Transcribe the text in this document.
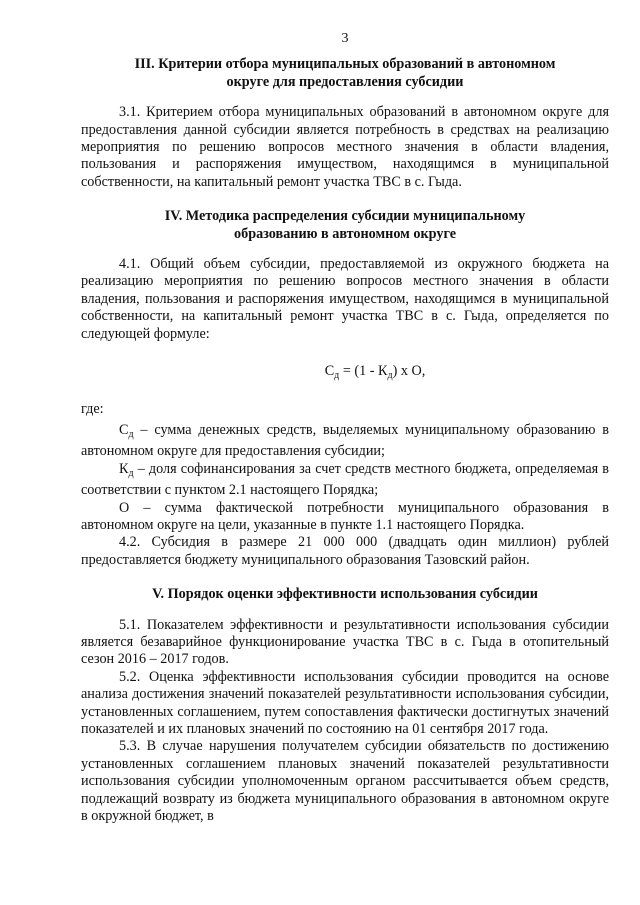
3
III. Критерии отбора муниципальных образований в автономном
округе для предоставления субсидии

3.1. Критерием отбора муниципальных образований в автономном округе для предоставления данной субсидии является потребность в средствах на реализацию мероприятия по решению вопросов местного значения в области владения, пользования и распоряжения имуществом, находящимся в муниципальной собственности, на капитальный ремонт участка ТВС в с. Гыда.

IV. Методика распределения субсидии муниципальному
образованию в автономном округе

4.1. Общий объем субсидии, предоставляемой из окружного бюджета на реализацию мероприятия по решению вопросов местного значения в области владения, пользования и распоряжения имуществом, находящимся в муниципальной собственности, на капитальный ремонт участка ТВС в с. Гыда, определяется по следующей формуле:

$С_д = (1 - К_д)$ х О,

где:

$С_д$ – сумма денежных средств, выделяемых муниципальному образованию в автономном округе для предоставления субсидии;

$К_д$ – доля софинансирования за счет средств местного бюджета, определяемая в соответствии с пунктом 2.1 настоящего Порядка;

О – сумма фактической потребности муниципального образования в автономном округе на цели, указанные в пункте 1.1 настоящего Порядка.

4.2. Субсидия в размере 21 000 000 (двадцать один миллион) рублей предоставляется бюджету муниципального образования Тазовский район.

V. Порядок оценки эффективности использования субсидии

5.1. Показателем эффективности и результативности использования субсидии является безаварийное функционирование участка ТВС в с. Гыда в отопительный сезон 2016 – 2017 годов.

5.2. Оценка эффективности использования субсидии проводится на основе анализа достижения значений показателей результативности использования субсидии, установленных соглашением, путем сопоставления фактически достигнутых значений показателей и их плановых значений по состоянию на 01 сентября 2017 года.

5.3. В случае нарушения получателем субсидии обязательств по достижению установленных соглашением плановых значений показателей результативности использования субсидии уполномоченным органом рассчитывается объем средств, подлежащий возврату из бюджета муниципального образования в автономном округе в окружной бюджет, в
